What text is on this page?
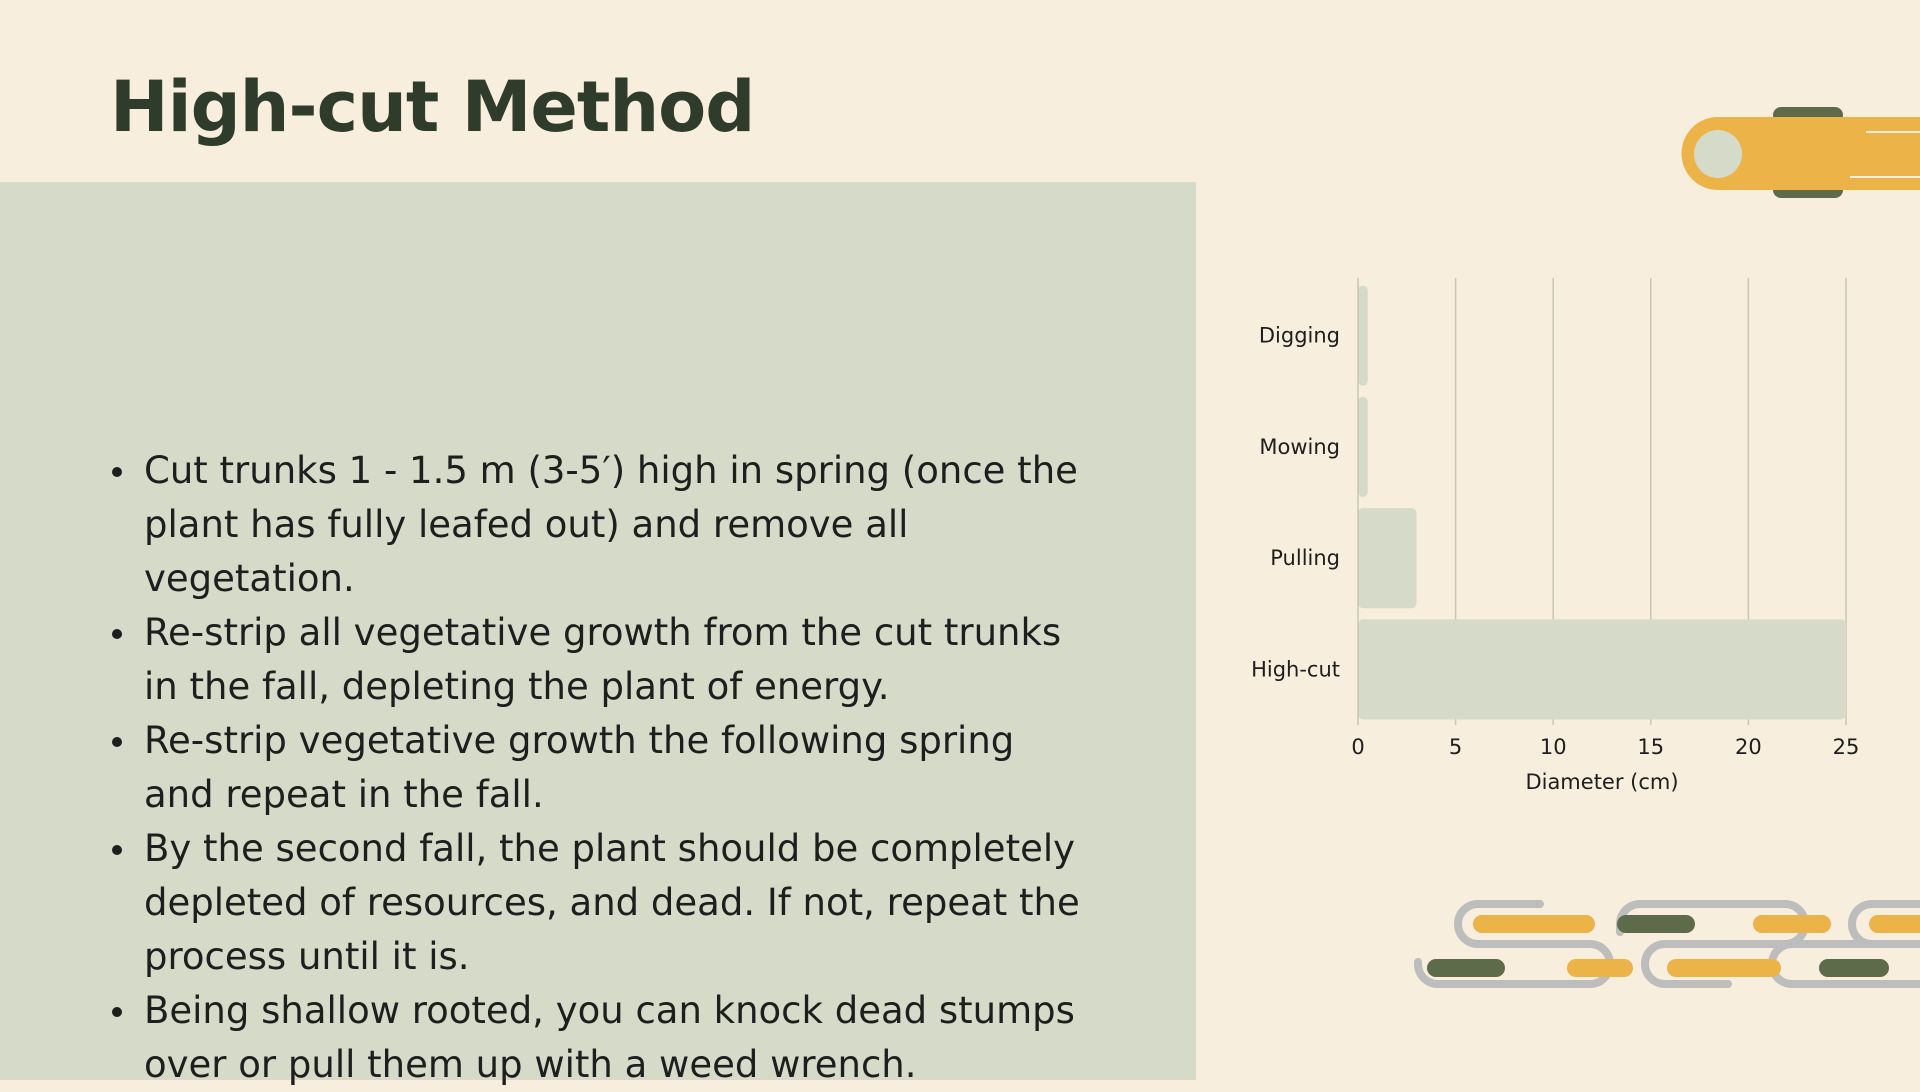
High-cut Method
Cut trunks 1 - 1.5 m (3-5′) high in spring (once the plant has fully leafed out) and remove all vegetation.
Re-strip all vegetative growth from the cut trunks in the fall, depleting the plant of energy.
Re-strip vegetative growth the following spring and repeat in the fall.
By the second fall, the plant should be completely depleted of resources, and dead. If not, repeat the process until it is.
Being shallow rooted, you can knock dead stumps over or pull them up with a weed wrench.
Digging
Mowing
Pulling
High-cut
0	5	10	15	20	25
Diameter (cm)
